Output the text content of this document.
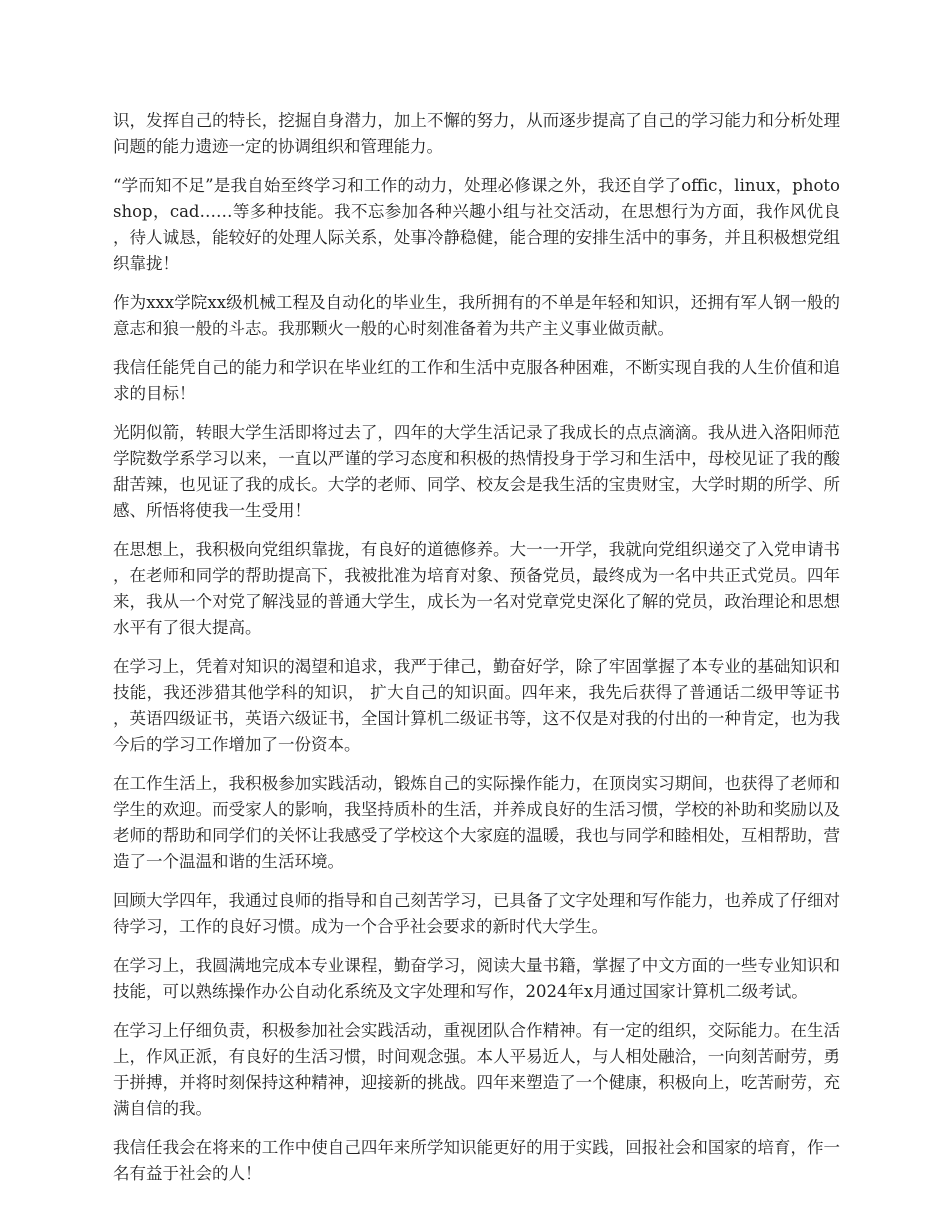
识，发挥自己的特长，挖掘自身潜力，加上不懈的努力，从而逐步提高了自己的学习能力和分析处理问题的能力遗迹一定的协调组织和管理能力。

“学而知不足”是我自始至终学习和工作的动力，处理必修课之外，我还自学了offic，linux，photoshop，cad……等多种技能。我不忘参加各种兴趣小组与社交活动，在思想行为方面，我作风优良，待人诚恳，能较好的处理人际关系，处事冷静稳健，能合理的安排生活中的事务，并且积极想党组织靠拢！

作为xxx学院xx级机械工程及自动化的毕业生，我所拥有的不单是年轻和知识，还拥有军人钢一般的意志和狼一般的斗志。我那颗火一般的心时刻准备着为共产主义事业做贡献。

我信任能凭自己的能力和学识在毕业红的工作和生活中克服各种困难，不断实现自我的人生价值和追求的目标！

光阴似箭，转眼大学生活即将过去了，四年的大学生活记录了我成长的点点滴滴。我从进入洛阳师范学院数学系学习以来，一直以严谨的学习态度和积极的热情投身于学习和生活中，母校见证了我的酸甜苦辣，也见证了我的成长。大学的老师、同学、校友会是我生活的宝贵财宝，大学时期的所学、所感、所悟将使我一生受用！

在思想上，我积极向党组织靠拢，有良好的道德修养。大一一开学，我就向党组织递交了入党申请书，在老师和同学的帮助提高下，我被批准为培育对象、预备党员，最终成为一名中共正式党员。四年来，我从一个对党了解浅显的普通大学生，成长为一名对党章党史深化了解的党员，政治理论和思想水平有了很大提高。

在学习上，凭着对知识的渴望和追求，我严于律己，勤奋好学，除了牢固掌握了本专业的基础知识和技能，我还涉猎其他学科的知识， 扩大自己的知识面。四年来，我先后获得了普通话二级甲等证书，英语四级证书，英语六级证书，全国计算机二级证书等，这不仅是对我的付出的一种肯定，也为我今后的学习工作增加了一份资本。

在工作生活上，我积极参加实践活动，锻炼自己的实际操作能力，在顶岗实习期间，也获得了老师和学生的欢迎。而受家人的影响，我坚持质朴的生活，并养成良好的生活习惯，学校的补助和奖励以及老师的帮助和同学们的关怀让我感受了学校这个大家庭的温暖，我也与同学和睦相处，互相帮助，营造了一个温温和谐的生活环境。

回顾大学四年，我通过良师的指导和自己刻苦学习，已具备了文字处理和写作能力，也养成了仔细对待学习，工作的良好习惯。成为一个合乎社会要求的新时代大学生。

在学习上，我圆满地完成本专业课程，勤奋学习，阅读大量书籍，掌握了中文方面的一些专业知识和技能，可以熟练操作办公自动化系统及文字处理和写作，2024年x月通过国家计算机二级考试。

在学习上仔细负责，积极参加社会实践活动，重视团队合作精神。有一定的组织，交际能力。在生活上，作风正派，有良好的生活习惯，时间观念强。本人平易近人，与人相处融洽，一向刻苦耐劳，勇于拼搏，并将时刻保持这种精神，迎接新的挑战。四年来塑造了一个健康，积极向上，吃苦耐劳，充满自信的我。

我信任我会在将来的工作中使自己四年来所学知识能更好的用于实践，回报社会和国家的培育，作一名有益于社会的人！
